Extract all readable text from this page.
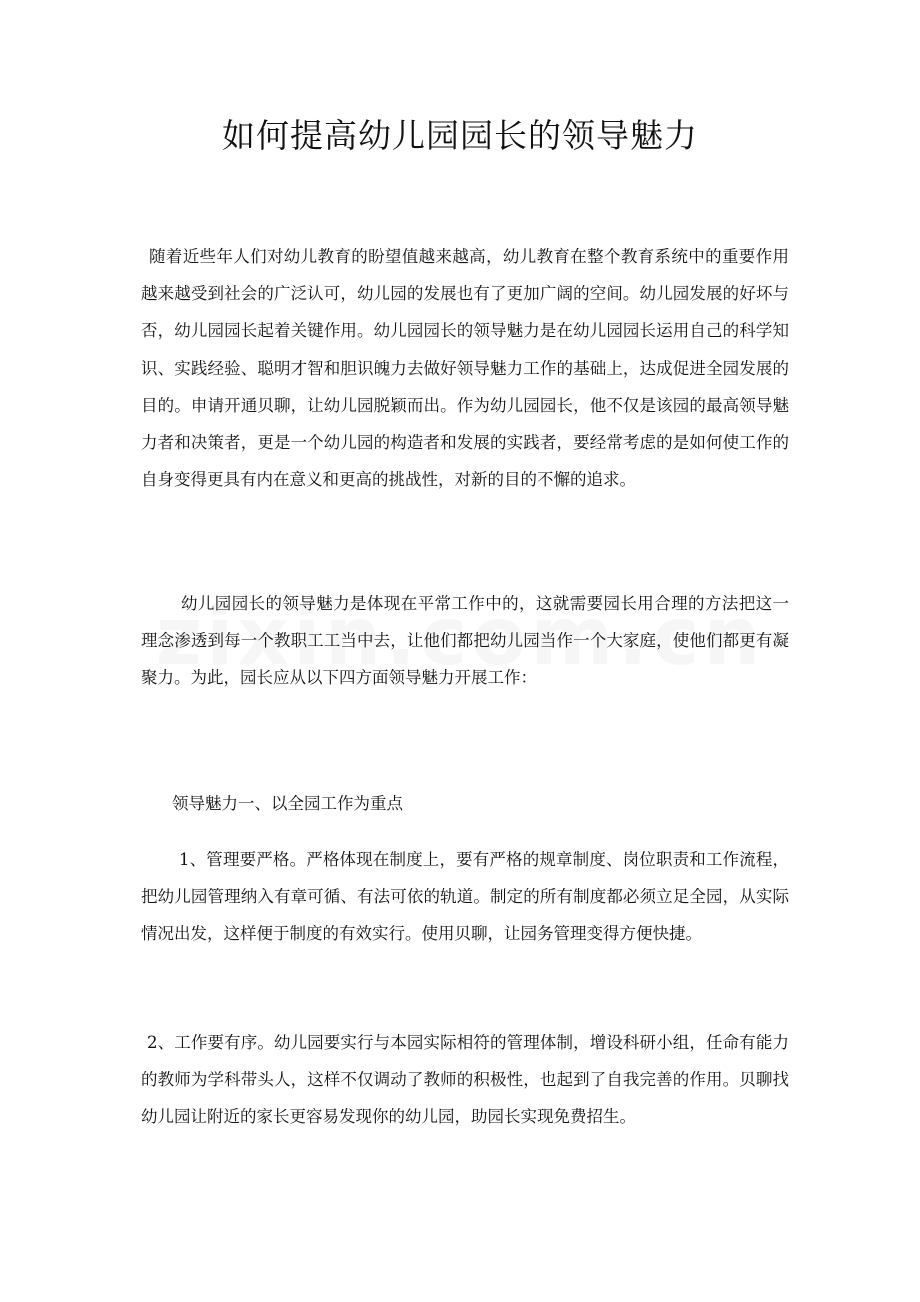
如何提高幼儿园园长的领导魅力

随着近些年人们对幼儿教育的盼望值越来越高，幼儿教育在整个教育系统中的重要作用越来越受到社会的广泛认可，幼儿园的发展也有了更加广阔的空间。幼儿园发展的好坏与否，幼儿园园长起着关键作用。幼儿园园长的领导魅力是在幼儿园园长运用自己的科学知识、实践经验、聪明才智和胆识魄力去做好领导魅力工作的基础上，达成促进全园发展的目的。申请开通贝聊，让幼儿园脱颖而出。作为幼儿园园长，他不仅是该园的最高领导魅力者和决策者，更是一个幼儿园的构造者和发展的实践者，要经常考虑的是如何使工作的自身变得更具有内在意义和更高的挑战性，对新的目的不懈的追求。

幼儿园园长的领导魅力是体现在平常工作中的，这就需要园长用合理的方法把这一理念渗透到每一个教职工工当中去，让他们都把幼儿园当作一个大家庭，使他们都更有凝聚力。为此，园长应从以下四方面领导魅力开展工作：

领导魅力一、以全园工作为重点

1、管理要严格。严格体现在制度上，要有严格的规章制度、岗位职责和工作流程，把幼儿园管理纳入有章可循、有法可依的轨道。制定的所有制度都必须立足全园，从实际情况出发，这样便于制度的有效实行。使用贝聊，让园务管理变得方便快捷。

2、工作要有序。幼儿园要实行与本园实际相符的管理体制，增设科研小组，任命有能力的教师为学科带头人，这样不仅调动了教师的积极性，也起到了自我完善的作用。贝聊找幼儿园让附近的家长更容易发现你的幼儿园，助园长实现免费招生。
